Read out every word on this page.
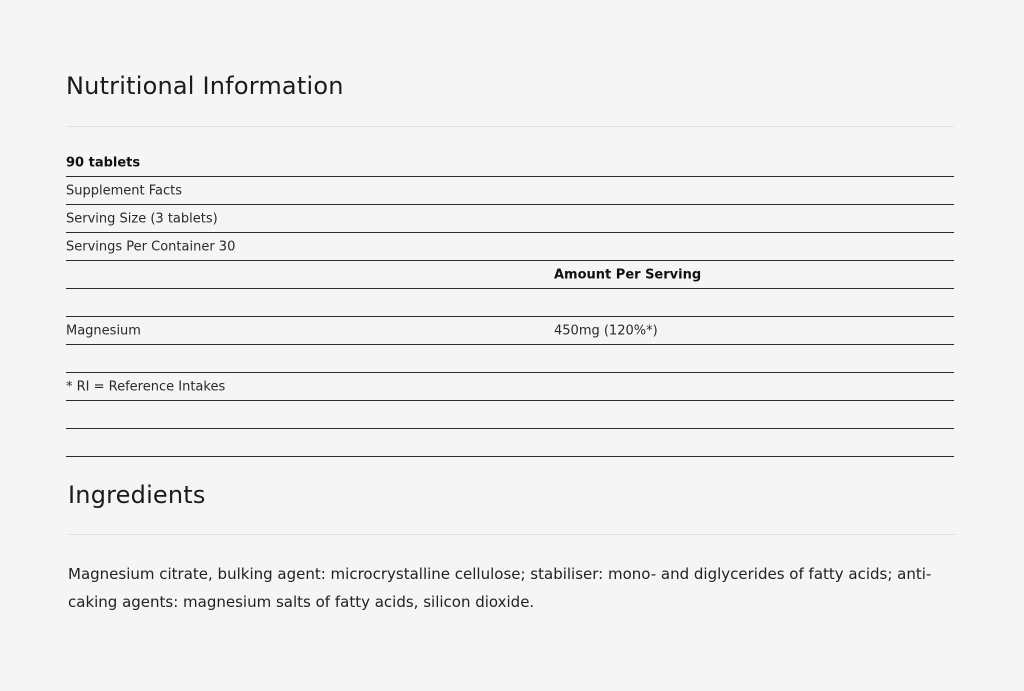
Nutritional Information
90 tablets
Supplement Facts
Serving Size (3 tablets)
Servings Per Container 30
Amount Per Serving
Magnesium	450mg (120%*)
* RI = Reference Intakes
Ingredients

Magnesium citrate, bulking agent: microcrystalline cellulose; stabiliser: mono- and diglycerides of fatty acids; anti-caking agents: magnesium salts of fatty acids, silicon dioxide.
